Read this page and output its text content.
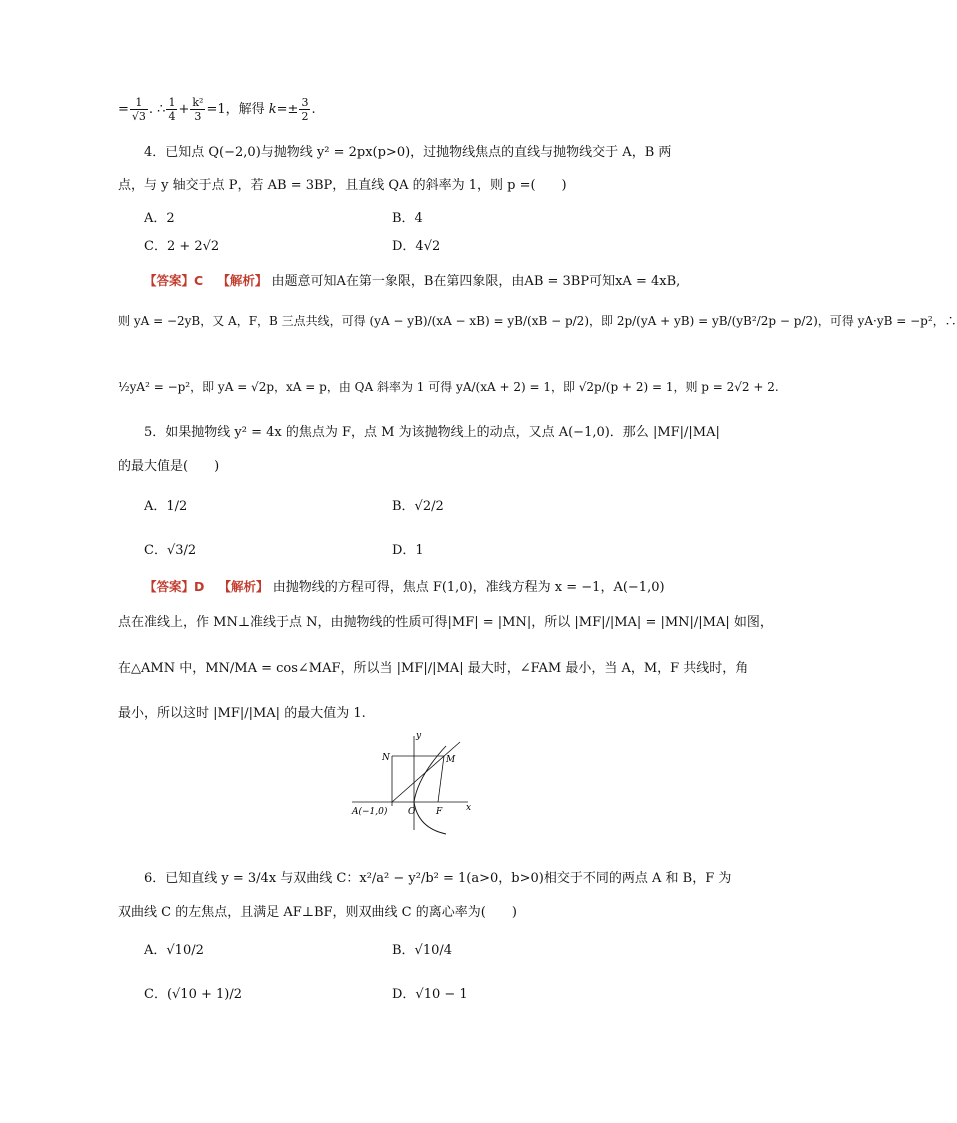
= $\frac{1}{√3}$ . ∴ $\frac{1}{4} + \frac{\text{k²}}{3} =1$，解得 $k=\pm \frac{3}{2}$ .
4．已知点 Q(−2,0)与抛物线 y² = 2px(p>0)，过抛物线焦点的直线与抛物线交于 A，B 两
点，与 y 轴交于点 P，若 AB = 3BP，且直线 QA 的斜率为 1，则 p =(　　)
A．2	B．4
C．2 + 2√2	D．4√2
【答案】C 【解析】 由题意可知A在第一象限，B在第四象限，由AB = 3BP可知xA = 4xB,
则 yA = −2yB，又 A，F，B 三点共线，可得 (yA − yB)/(xA − xB) = yB/(xB − p/2)，即 2p/(yA + yB) = yB/(yB²/2p − p/2)，可得 yA·yB = −p²，∴
½yA² = −p²，即 yA = √2p，xA = p，由 QA 斜率为 1 可得 yA/(xA + 2) = 1，即 √2p/(p + 2) = 1，则 p = 2√2 + 2.
5．如果抛物线 y² = 4x 的焦点为 F，点 M 为该抛物线上的动点，又点 A(−1,0)．那么 |MF|/|MA|
的最大值是(　　)
A．1/2	B．√2/2
C．√3/2	D．1
【答案】D 【解析】 由抛物线的方程可得，焦点 F(1,0)，准线方程为 x = −1，A(−1,0)
点在准线上，作 MN⊥准线于点 N，由抛物线的性质可得|MF| = |MN|，所以 |MF|/|MA| = |MN|/|MA| 如图，
在△AMN 中，MN/MA = cos∠MAF，所以当 |MF|/|MA| 最大时，∠FAM 最小，当 A，M，F 共线时，角
最小，所以这时 |MF|/|MA| 的最大值为 1.
y
x
N	M
A(−1,0) O F
6．已知直线 y = 3/4x 与双曲线 C：x²/a² − y²/b² = 1(a>0，b>0)相交于不同的两点 A 和 B，F 为
双曲线 C 的左焦点，且满足 AF⊥BF，则双曲线 C 的离心率为(　　)
A．√10/2	B．√10/4
C．(√10 + 1)/2	D．√10 − 1
